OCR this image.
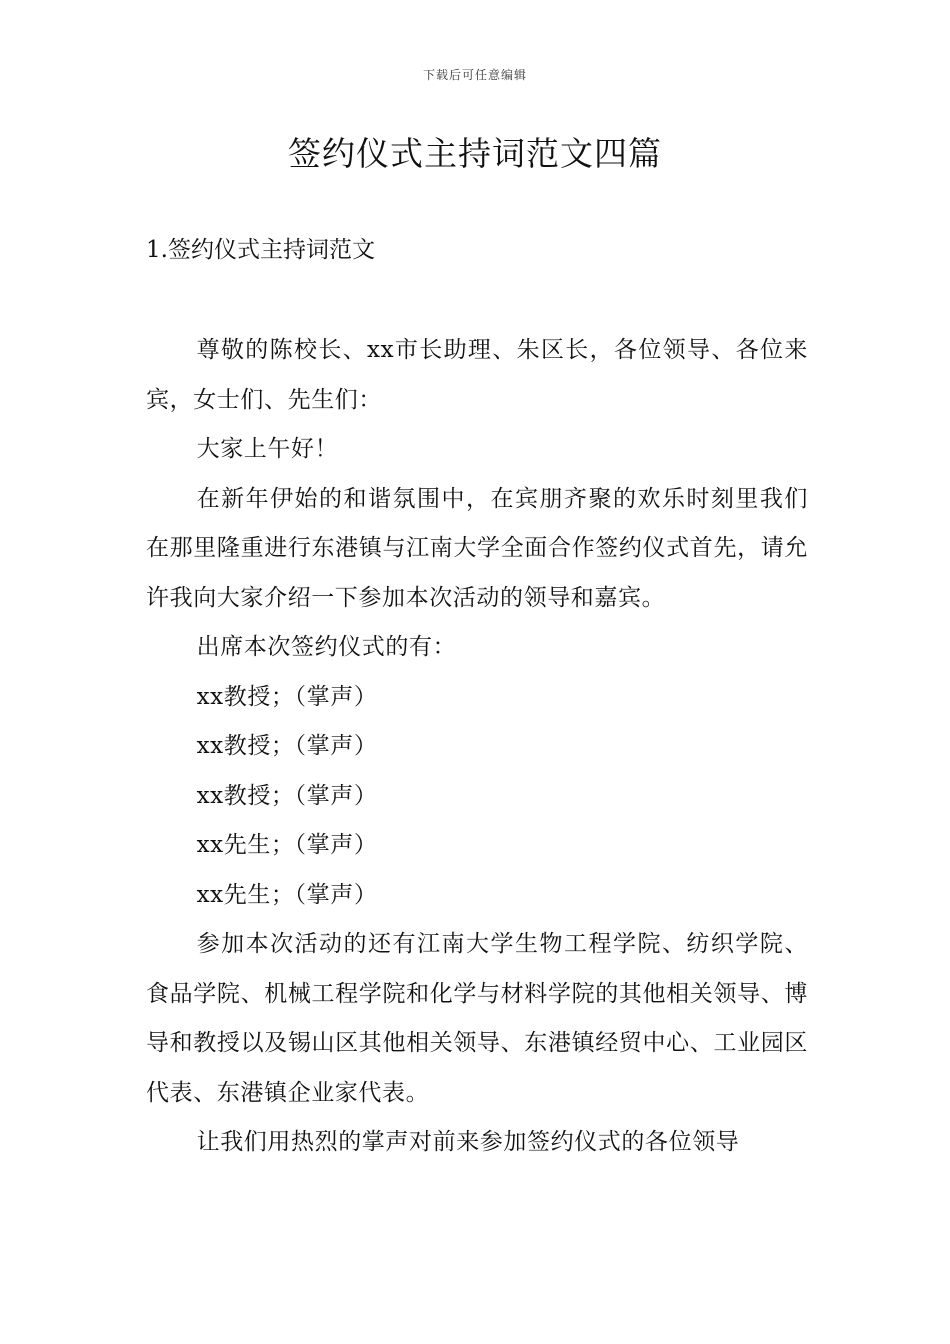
下载后可任意编辑
签约仪式主持词范文四篇
1.签约仪式主持词范文

尊敬的陈校长、xx市长助理、朱区长，各位领导、各位来宾，女士们、先生们：

大家上午好！

在新年伊始的和谐氛围中，在宾朋齐聚的欢乐时刻里我们在那里隆重进行东港镇与江南大学全面合作签约仪式首先，请允许我向大家介绍一下参加本次活动的领导和嘉宾。

出席本次签约仪式的有：

xx教授；（掌声）

xx教授；（掌声）

xx教授；（掌声）

xx先生；（掌声）

xx先生；（掌声）

参加本次活动的还有江南大学生物工程学院、纺织学院、食品学院、机械工程学院和化学与材料学院的其他相关领导、博导和教授以及锡山区其他相关领导、东港镇经贸中心、工业园区代表、东港镇企业家代表。

让我们用热烈的掌声对前来参加签约仪式的各位领导
